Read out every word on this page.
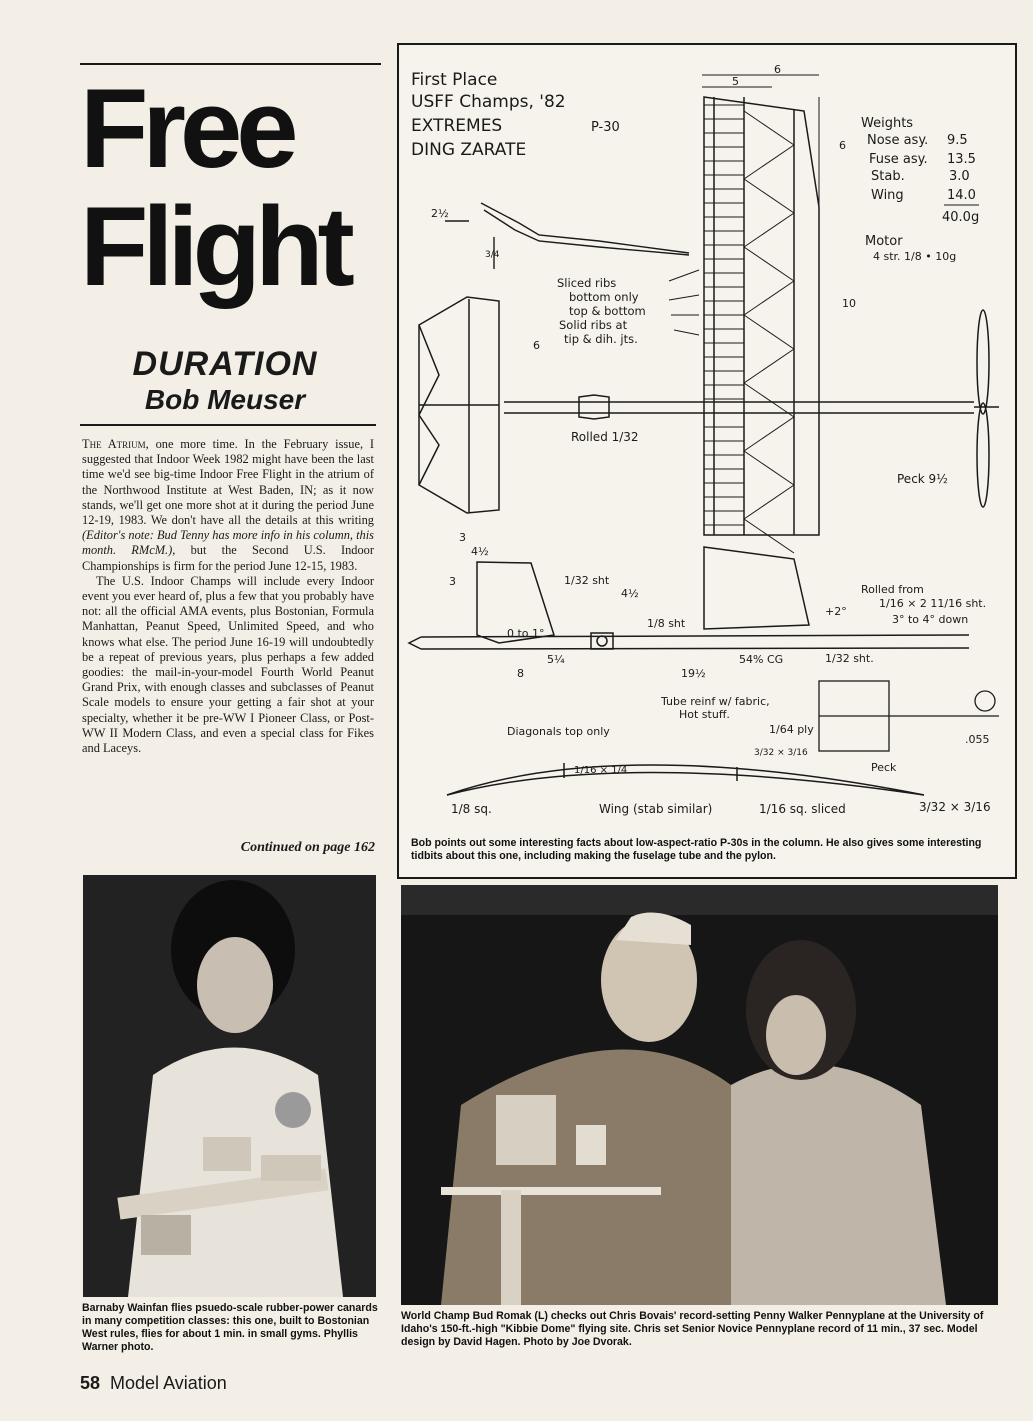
Free
Flight
DURATION
Bob Meuser

The Atrium, one more time. In the February issue, I suggested that Indoor Week 1982 might have been the last time we'd see big-time Indoor Free Flight in the atrium of the Northwood Institute at West Baden, IN; as it now stands, we'll get one more shot at it during the period June 12-19, 1983. We don't have all the details at this writing (Editor's note: Bud Tenny has more info in his column, this month. RMcM.), but the Second U.S. Indoor Championships is firm for the period June 12-15, 1983.

The U.S. Indoor Champs will include every Indoor event you ever heard of, plus a few that you probably have not: all the official AMA events, plus Bostonian, Formula Manhattan, Peanut Speed, Unlimited Speed, and who knows what else. The period June 16-19 will undoubtedly be a repeat of previous years, plus perhaps a few added goodies: the mail-in-your-model Fourth World Peanut Grand Prix, with enough classes and subclasses of Peanut Scale models to ensure your getting a fair shot at your specialty, whether it be pre-WW I Pioneer Class, or Post-WW II Modern Class, and even a special class for Fikes and Laceys.

Continued on page 162
First Place
USFF Champs, '82
EXTREMES	P-30
DING ZARATE
6
5
6
10
Weights
Nose asy. 9.5
Fuse asy. 13.5
Stab.	3.0
Wing	14.0
40.0g
Motor
4 str. 1/8 • 10g
2½
3/4
Sliced ribs
bottom only
top & bottom
Solid ribs at
tip & dih. jts.
Rolled 1/32
Peck 9½
6
3
4½
3
4½
1/32 sht
0 to 1°
1/8 sht
+2°
54% CG	1/32 sht.
Rolled from
1/16 × 2 11/16 sht.
3° to 4° down
5¼
8	19½
Tube reinf w/ fabric,
Hot stuff.
1/64 ply
Diagonals top only
3/32 × 3/16
Peck
.055
1/16 × 1/4
1/8 sq.	Wing (stab similar)	1/16 sq. sliced	3/32 × 3/16
Bob points out some interesting facts about low-aspect-ratio P-30s in the column. He also gives some interesting tidbits about this one, including making the fuselage tube and the pylon.
Barnaby Wainfan flies psuedo-scale rubber-power canards in many competition classes: this one, built to Bostonian West rules, flies for about 1 min. in small gyms. Phyllis Warner photo.
World Champ Bud Romak (L) checks out Chris Bovais' record-setting Penny Walker Pennyplane at the University of Idaho's 150-ft.-high "Kibbie Dome" flying site. Chris set Senior Novice Pennyplane record of 11 min., 37 sec. Model design by David Hagen. Photo by Joe Dvorak.
58 Model Aviation
